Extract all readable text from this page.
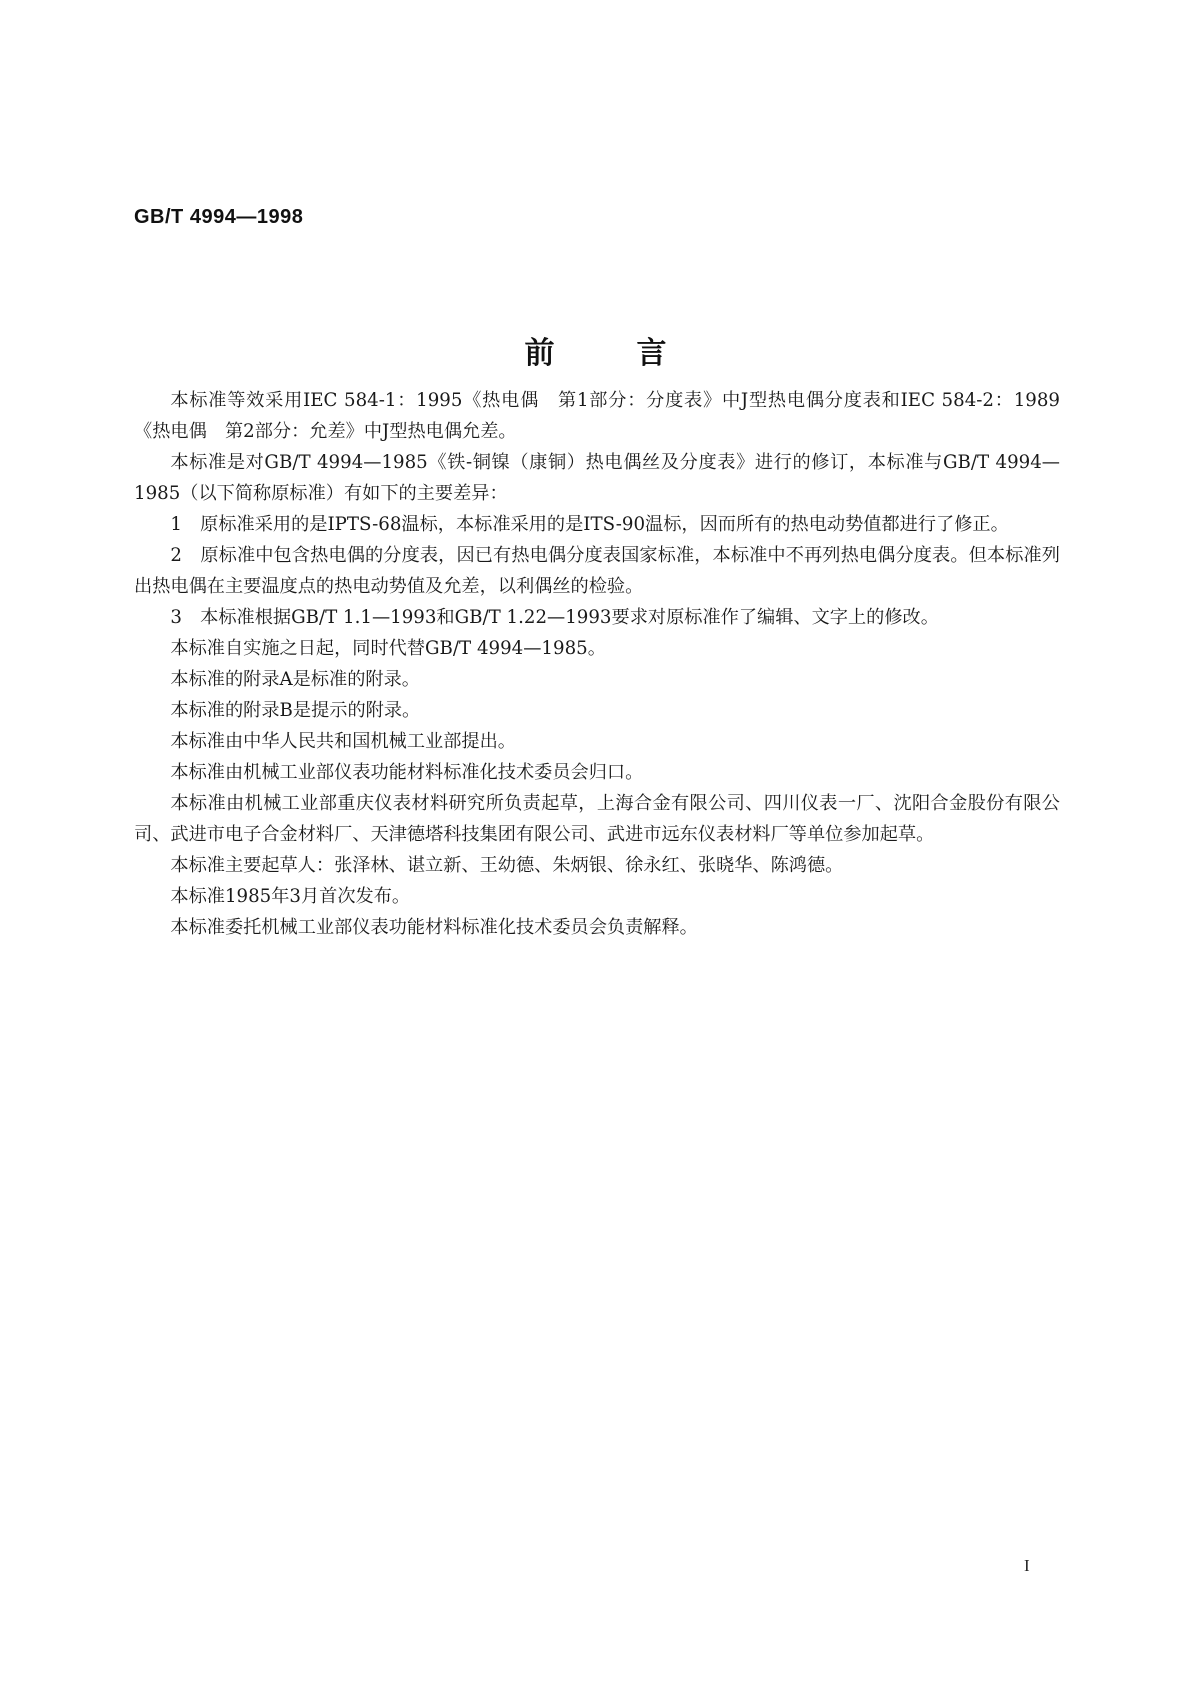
GB/T 4994—1998
前言

本标准等效采用IEC 584-1：1995《热电偶　第1部分：分度表》中J型热电偶分度表和IEC 584-2：1989《热电偶　第2部分：允差》中J型热电偶允差。

本标准是对GB/T 4994—1985《铁-铜镍（康铜）热电偶丝及分度表》进行的修订，本标准与GB/T 4994—1985（以下简称原标准）有如下的主要差异：

1　原标准采用的是IPTS-68温标，本标准采用的是ITS-90温标，因而所有的热电动势值都进行了修正。

2　原标准中包含热电偶的分度表，因已有热电偶分度表国家标准，本标准中不再列热电偶分度表。但本标准列出热电偶在主要温度点的热电动势值及允差，以利偶丝的检验。

3　本标准根据GB/T 1.1—1993和GB/T 1.22—1993要求对原标准作了编辑、文字上的修改。

本标准自实施之日起，同时代替GB/T 4994—1985。

本标准的附录A是标准的附录。

本标准的附录B是提示的附录。

本标准由中华人民共和国机械工业部提出。

本标准由机械工业部仪表功能材料标准化技术委员会归口。

本标准由机械工业部重庆仪表材料研究所负责起草，上海合金有限公司、四川仪表一厂、沈阳合金股份有限公司、武进市电子合金材料厂、天津德塔科技集团有限公司、武进市远东仪表材料厂等单位参加起草。

本标准主要起草人：张泽林、谌立新、王幼德、朱炳银、徐永红、张晓华、陈鸿德。

本标准1985年3月首次发布。

本标准委托机械工业部仪表功能材料标准化技术委员会负责解释。

I
